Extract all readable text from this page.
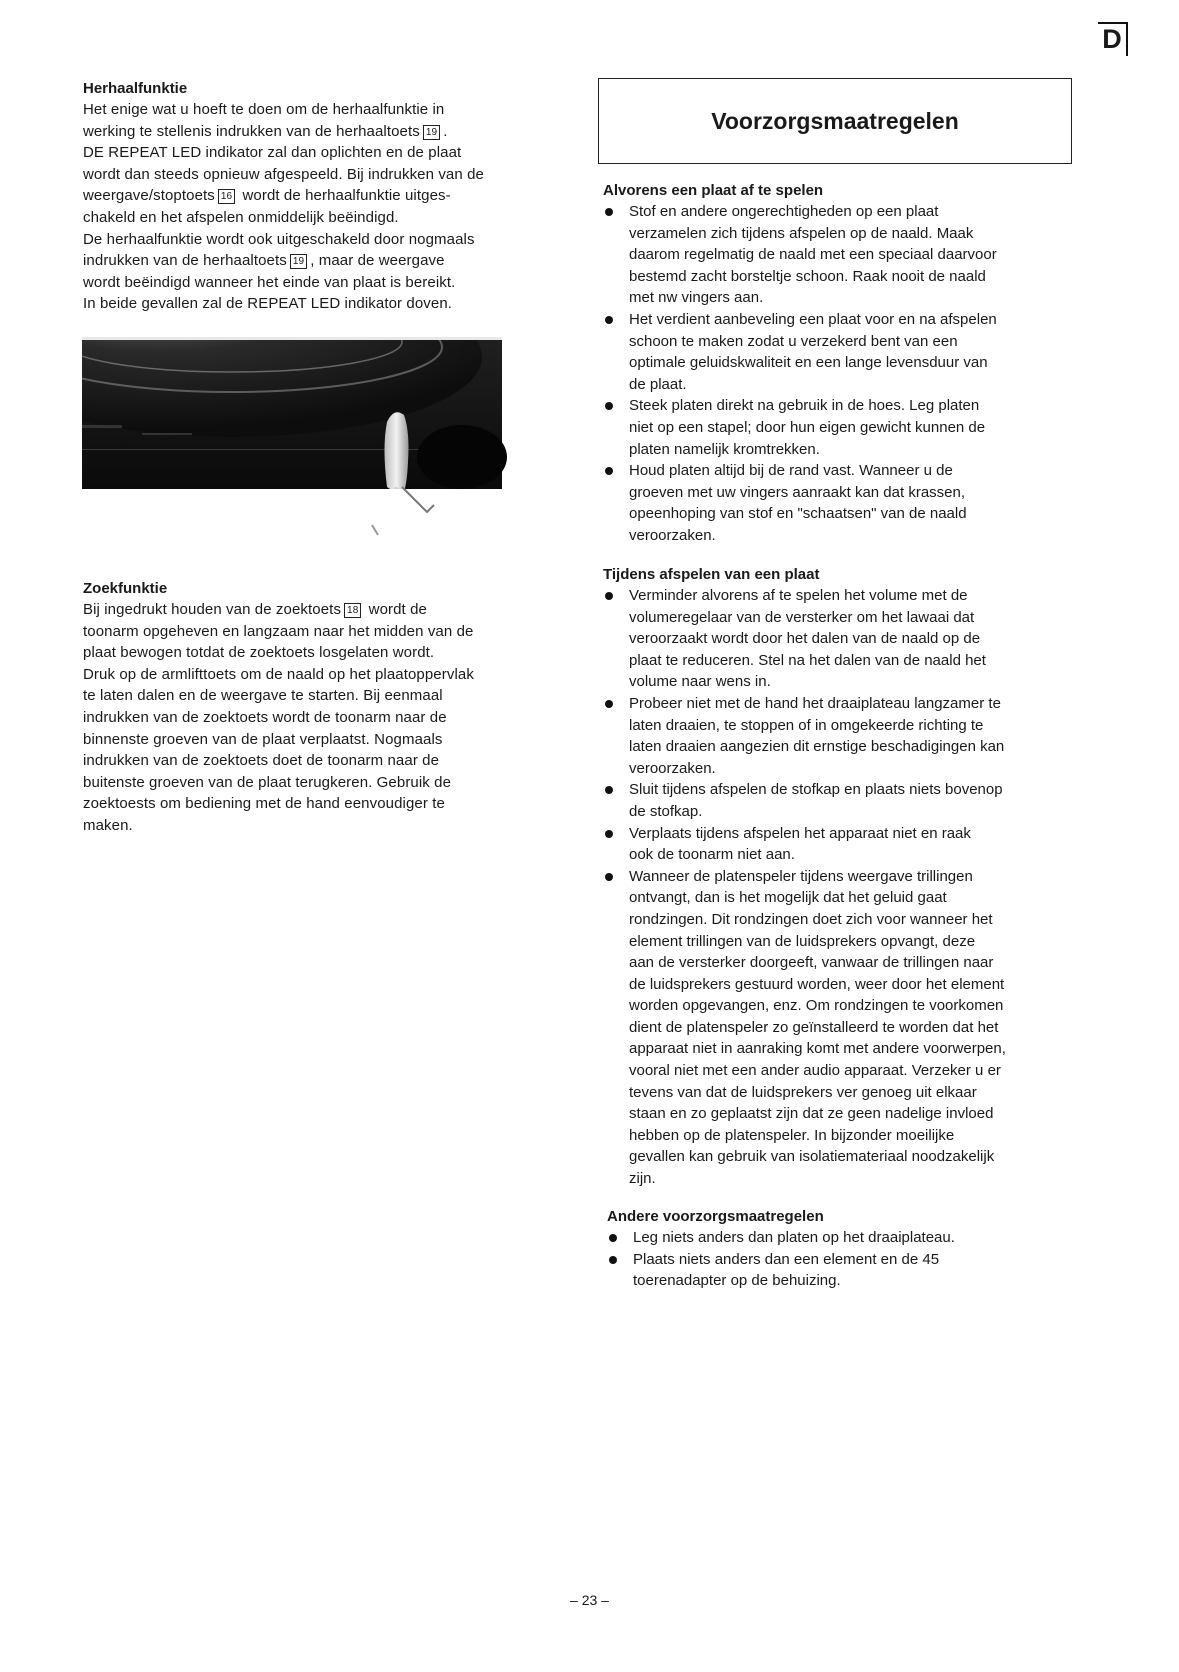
D

Herhaalfunktie

Het enige wat u hoeft te doen om de herhaalfunktie in
werking te stellenis indrukken van de herhaaltoets 19 .
DE REPEAT LED indikator zal dan oplichten en de plaat
wordt dan steeds opnieuw afgespeeld. Bij indrukken van de
weergave/stoptoets 16 wordt de herhaalfunktie uitges-
chakeld en het afspelen onmiddelijk beëindigd.
De herhaalfunktie wordt ook uitgeschakeld door nogmaals
indrukken van de herhaaltoets 19 , maar de weergave
wordt beëindigd wanneer het einde van plaat is bereikt.
In beide gevallen zal de REPEAT LED indikator doven.

Zoekfunktie

Bij ingedrukt houden van de zoektoets 18 wordt de
toonarm opgeheven en langzaam naar het midden van de
plaat bewogen totdat de zoektoets losgelaten wordt.
Druk op de armlifttoets om de naald op het plaatoppervlak
te laten dalen en de weergave te starten. Bij eenmaal
indrukken van de zoektoets wordt de toonarm naar de
binnenste groeven van de plaat verplaatst. Nogmaals
indrukken van de zoektoets doet de toonarm naar de
buitenste groeven van de plaat terugkeren. Gebruik de
zoektoests om bediening met de hand eenvoudiger te
maken.
Voorzorgsmaatregelen

Alvorens een plaat af te spelen

Stof en andere ongerechtigheden op een plaat
verzamelen zich tijdens afspelen op de naald. Maak
daarom regelmatig de naald met een speciaal daarvoor
bestemd zacht borsteltje schoon. Raak nooit de naald
met nw vingers aan.
Het verdient aanbeveling een plaat voor en na afspelen
schoon te maken zodat u verzekerd bent van een
optimale geluidskwaliteit en een lange levensduur van
de plaat.
Steek platen direkt na gebruik in de hoes. Leg platen
niet op een stapel; door hun eigen gewicht kunnen de
platen namelijk kromtrekken.
Houd platen altijd bij de rand vast. Wanneer u de
groeven met uw vingers aanraakt kan dat krassen,
opeenhoping van stof en "schaatsen" van de naald
veroorzaken.

Tijdens afspelen van een plaat

Verminder alvorens af te spelen het volume met de
volumeregelaar van de versterker om het lawaai dat
veroorzaakt wordt door het dalen van de naald op de
plaat te reduceren. Stel na het dalen van de naald het
volume naar wens in.
Probeer niet met de hand het draaiplateau langzamer te
laten draaien, te stoppen of in omgekeerde richting te
laten draaien aangezien dit ernstige beschadigingen kan
veroorzaken.
Sluit tijdens afspelen de stofkap en plaats niets bovenop
de stofkap.
Verplaats tijdens afspelen het apparaat niet en raak
ook de toonarm niet aan.
Wanneer de platenspeler tijdens weergave trillingen
ontvangt, dan is het mogelijk dat het geluid gaat
rondzingen. Dit rondzingen doet zich voor wanneer het
element trillingen van de luidsprekers opvangt, deze
aan de versterker doorgeeft, vanwaar de trillingen naar
de luidsprekers gestuurd worden, weer door het element
worden opgevangen, enz. Om rondzingen te voorkomen
dient de platenspeler zo geïnstalleerd te worden dat het
apparaat niet in aanraking komt met andere voorwerpen,
vooral niet met een ander audio apparaat. Verzeker u er
tevens van dat de luidsprekers ver genoeg uit elkaar
staan en zo geplaatst zijn dat ze geen nadelige invloed
hebben op de platenspeler. In bijzonder moeilijke
gevallen kan gebruik van isolatiemateriaal noodzakelijk
zijn.

Andere voorzorgsmaatregelen

Leg niets anders dan platen op het draaiplateau.
Plaats niets anders dan een element en de 45
toerenadapter op de behuizing.
– 23 –
